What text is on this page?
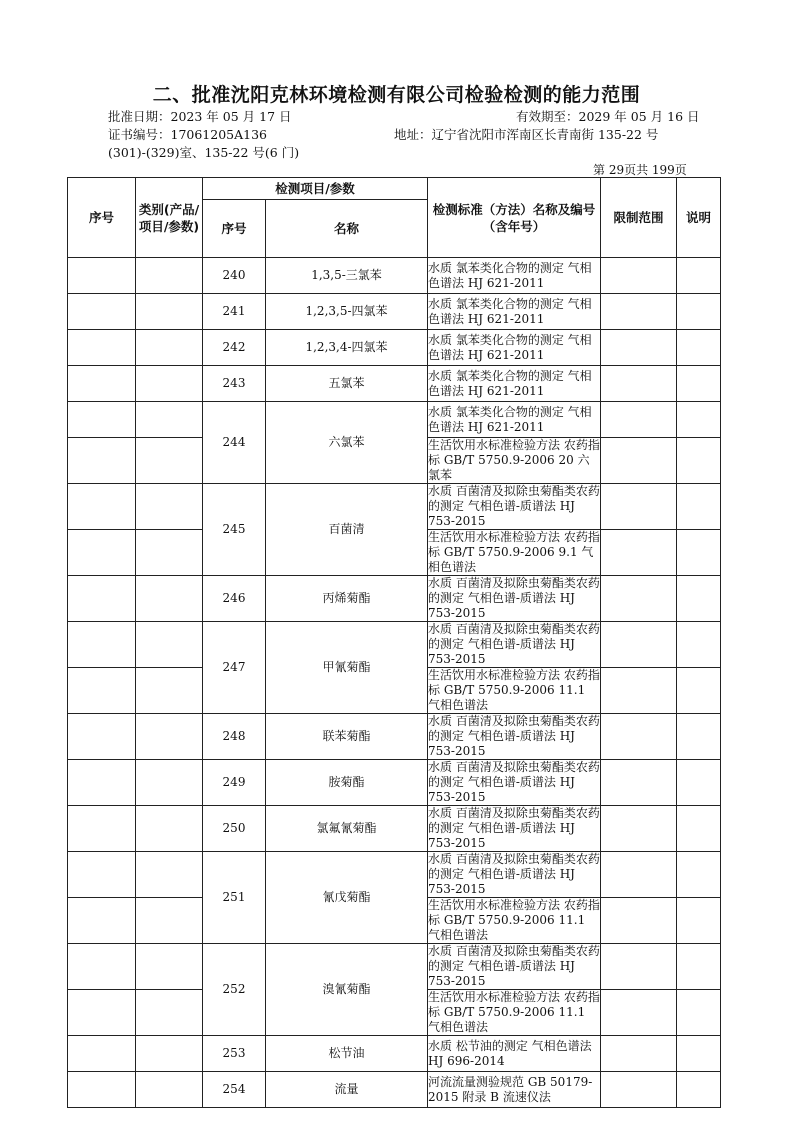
二、批准沈阳克林环境检测有限公司检验检测的能力范围
批准日期：2023 年 05 月 17 日	有效期至：2029 年 05 月 16 日
证书编号：17061205A136	地址：辽宁省沈阳市浑南区长青南街 135-22 号
(301)-(329)室、135-22 号(6 门)
第 29页共 199页
序号	类别(产品/项目/参数)	检测项目/参数		检测标准（方法）名称及编号（含年号）	限制范围	说明
		序号	名称			
		240	1,3,5-三氯苯	水质 氯苯类化合物的测定 气相色谱法 HJ 621-2011		
		241	1,2,3,5-四氯苯	水质 氯苯类化合物的测定 气相色谱法 HJ 621-2011		
		242	1,2,3,4-四氯苯	水质 氯苯类化合物的测定 气相色谱法 HJ 621-2011		
		243	五氯苯	水质 氯苯类化合物的测定 气相色谱法 HJ 621-2011		
		244	六氯苯	水质 氯苯类化合物的测定 气相色谱法 HJ 621-2011		
				生活饮用水标准检验方法 农药指标 GB/T 5750.9-2006 20 六氯苯		
		245	百菌清	水质 百菌清及拟除虫菊酯类农药的测定 气相色谱-质谱法 HJ 753-2015		
				生活饮用水标准检验方法 农药指标 GB/T 5750.9-2006 9.1 气相色谱法		
		246	丙烯菊酯	水质 百菌清及拟除虫菊酯类农药的测定 气相色谱-质谱法 HJ 753-2015		
		247	甲氰菊酯	水质 百菌清及拟除虫菊酯类农药的测定 气相色谱-质谱法 HJ 753-2015		
				生活饮用水标准检验方法 农药指标 GB/T 5750.9-2006 11.1 气相色谱法		
		248	联苯菊酯	水质 百菌清及拟除虫菊酯类农药的测定 气相色谱-质谱法 HJ 753-2015		
		249	胺菊酯	水质 百菌清及拟除虫菊酯类农药的测定 气相色谱-质谱法 HJ 753-2015		
		250	氯氟氰菊酯	水质 百菌清及拟除虫菊酯类农药的测定 气相色谱-质谱法 HJ 753-2015		
		251	氰戊菊酯	水质 百菌清及拟除虫菊酯类农药的测定 气相色谱-质谱法 HJ 753-2015		
				生活饮用水标准检验方法 农药指标 GB/T 5750.9-2006 11.1 气相色谱法		
		252	溴氰菊酯	水质 百菌清及拟除虫菊酯类农药的测定 气相色谱-质谱法 HJ 753-2015		
				生活饮用水标准检验方法 农药指标 GB/T 5750.9-2006 11.1 气相色谱法		
		253	松节油	水质 松节油的测定 气相色谱法 HJ 696-2014		
		254	流量	河流流量测验规范 GB 50179-2015 附录 B 流速仪法		
